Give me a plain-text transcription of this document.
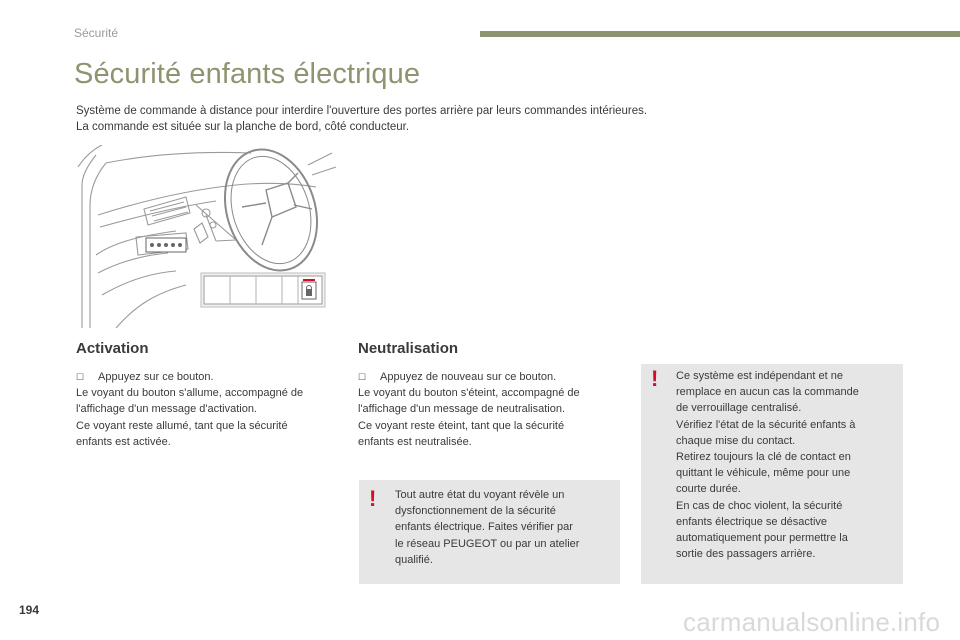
Sécurité
Sécurité enfants électrique
Système de commande à distance pour interdire l'ouverture des portes arrière par leurs commandes intérieures.
La commande est située sur la planche de bord, côté conducteur.
Activation
☐ Appuyez sur ce bouton.
Le voyant du bouton s'allume, accompagné de
l'affichage d'un message d'activation.
Ce voyant reste allumé, tant que la sécurité
enfants est activée.
Neutralisation
☐ Appuyez de nouveau sur ce bouton.
Le voyant du bouton s'éteint, accompagné de
l'affichage d'un message de neutralisation.
Ce voyant reste éteint, tant que la sécurité
enfants est neutralisée.
! Tout autre état du voyant révèle un
dysfonctionnement de la sécurité
enfants électrique. Faites vérifier par
le réseau PEUGEOT ou par un atelier
qualifié.
! Ce système est indépendant et ne
remplace en aucun cas la commande
de verrouillage centralisé.
Vérifiez l'état de la sécurité enfants à
chaque mise du contact.
Retirez toujours la clé de contact en
quittant le véhicule, même pour une
courte durée.
En cas de choc violent, la sécurité
enfants électrique se désactive
automatiquement pour permettre la
sortie des passagers arrière.
194	carmanualsonline.info
